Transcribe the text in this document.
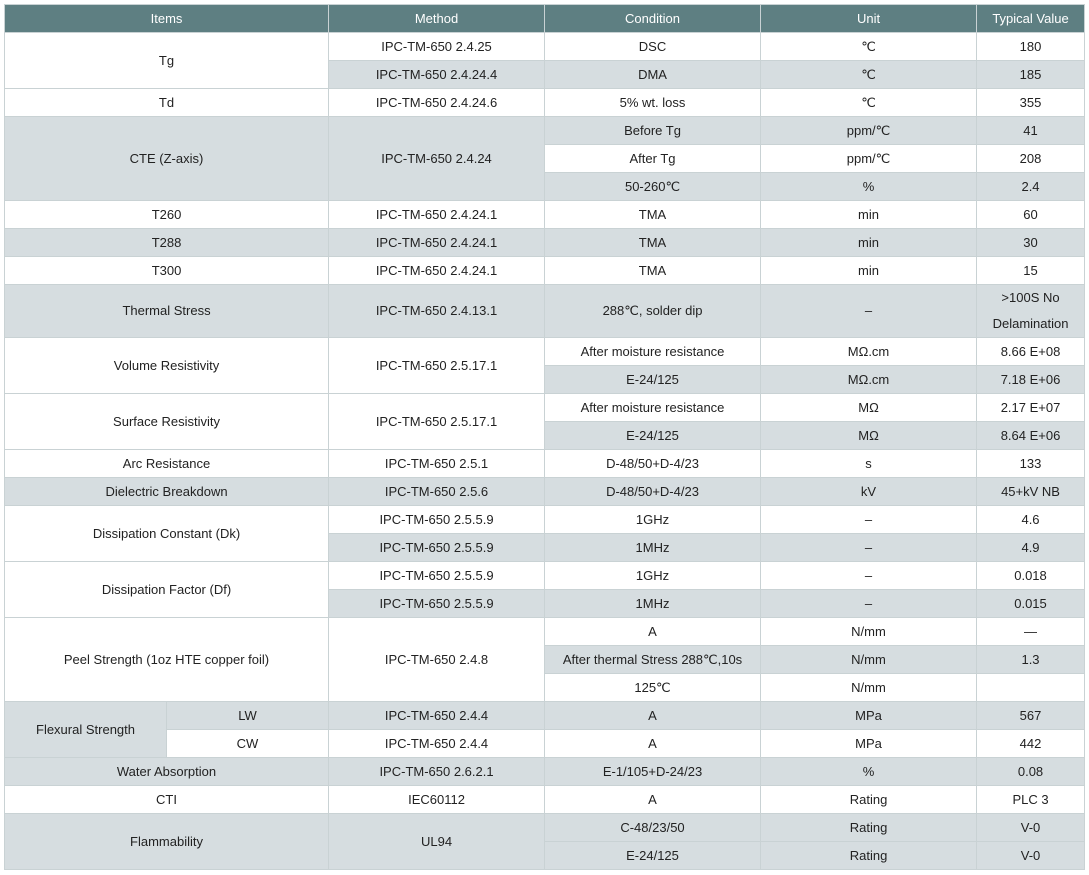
Items		Method	Condition	Unit	Typical Value
Tg		IPC-TM-650 2.4.25	DSC	℃	180
		IPC-TM-650 2.4.24.4	DMA	℃	185
Td		IPC-TM-650 2.4.24.6	5% wt. loss	℃	355
CTE (Z-axis)		IPC-TM-650 2.4.24	Before Tg	ppm/℃	41
			After Tg	ppm/℃	208
			50-260℃	%	2.4
T260		IPC-TM-650 2.4.24.1	TMA	min	60
T288		IPC-TM-650 2.4.24.1	TMA	min	30
T300		IPC-TM-650 2.4.24.1	TMA	min	15
Thermal Stress		IPC-TM-650 2.4.13.1	288℃, solder dip	–	>100S No
Delamination

Volume Resistivity		IPC-TM-650 2.5.17.1	After moisture resistance	MΩ.cm	8.66 E+08
			E-24/125	MΩ.cm	7.18 E+06
Surface Resistivity		IPC-TM-650 2.5.17.1	After moisture resistance	MΩ	2.17 E+07
			E-24/125	MΩ	8.64 E+06
Arc Resistance		IPC-TM-650 2.5.1	D-48/50+D-4/23	s	133
Dielectric Breakdown		IPC-TM-650 2.5.6	D-48/50+D-4/23	kV	45+kV NB
Dissipation Constant (Dk)		IPC-TM-650 2.5.5.9	1GHz	–	4.6
		IPC-TM-650 2.5.5.9	1MHz	–	4.9
Dissipation Factor (Df)		IPC-TM-650 2.5.5.9	1GHz	–	0.018
		IPC-TM-650 2.5.5.9	1MHz	–	0.015
Peel Strength (1oz HTE copper foil)		IPC-TM-650 2.4.8	A	N/mm	—
			After thermal Stress 288℃,10s	N/mm	1.3
			125℃	N/mm	
Flexural Strength	LW	IPC-TM-650 2.4.4	A	MPa	567
	CW	IPC-TM-650 2.4.4	A	MPa	442
Water Absorption		IPC-TM-650 2.6.2.1	E-1/105+D-24/23	%	0.08
CTI		IEC60112	A	Rating	PLC 3
Flammability		UL94	C-48/23/50	Rating	V-0
			E-24/125	Rating	V-0
